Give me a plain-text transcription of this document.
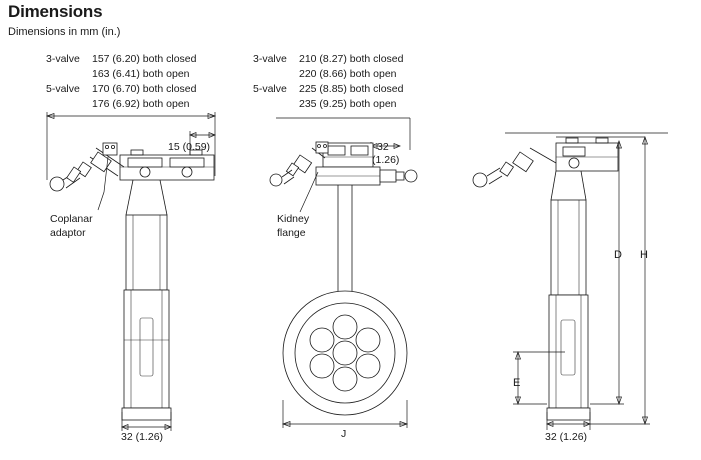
Dimensions
Dimensions in mm (in.)
3-valve	157 (6.20) both closed
163 (6.41) both open
5-valve	170 (6.70) both closed
176 (6.92) both open
3-valve	210 (8.27) both closed
220 (8.66) both open
5-valve	225 (8.85) both closed
235 (9.25) both open
15 (0.59)
32 (1.26)
Coplanar
adaptor
32
(1.26)
J
Kidney
flange
D H
E
32 (1.26)
